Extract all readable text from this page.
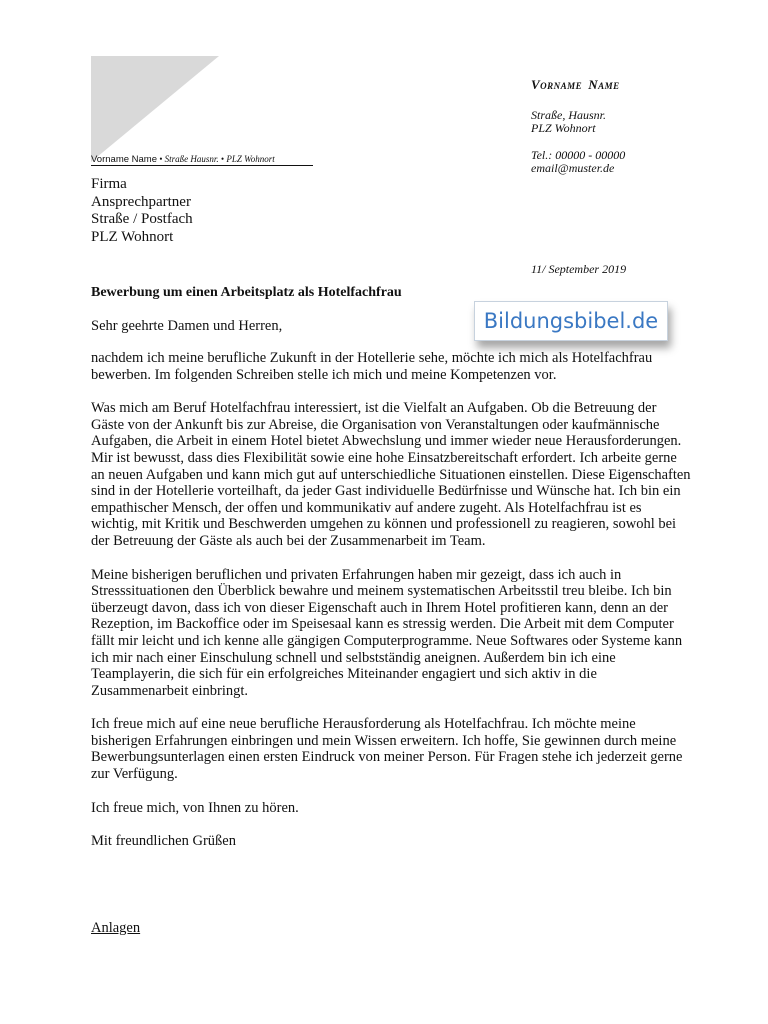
Vorname Name
Straße, Hausnr.
PLZ Wohnort
Tel.: 00000 - 00000
email@muster.de
Vorname Name • Straße Hausnr. • PLZ Wohnort
Firma
Ansprechpartner
Straße / Postfach
PLZ Wohnort
11/ September 2019
Bewerbung um einen Arbeitsplatz als Hotelfachfrau
Bildungsbibel.de
Sehr geehrte Damen und Herren,

nachdem ich meine berufliche Zukunft in der Hotellerie sehe, möchte ich mich als Hotelfachfrau bewerben. Im folgenden Schreiben stelle ich mich und meine Kompetenzen vor.

Was mich am Beruf Hotelfachfrau interessiert, ist die Vielfalt an Aufgaben. Ob die Betreuung der Gäste von der Ankunft bis zur Abreise, die Organisation von Veranstaltungen oder kaufmännische Aufgaben, die Arbeit in einem Hotel bietet Abwechslung und immer wieder neue Herausforderungen. Mir ist bewusst, dass dies Flexibilität sowie eine hohe Einsatzbereitschaft erfordert. Ich arbeite gerne an neuen Aufgaben und kann mich gut auf unterschiedliche Situationen einstellen. Diese Eigenschaften sind in der Hotellerie vorteilhaft, da jeder Gast individuelle Bedürfnisse und Wünsche hat. Ich bin ein empathischer Mensch, der offen und kommunikativ auf andere zugeht. Als Hotelfachfrau ist es wichtig, mit Kritik und Beschwerden umgehen zu können und professionell zu reagieren, sowohl bei der Betreuung der Gäste als auch bei der Zusammenarbeit im Team.

Meine bisherigen beruflichen und privaten Erfahrungen haben mir gezeigt, dass ich auch in Stresssituationen den Überblick bewahre und meinem systematischen Arbeitsstil treu bleibe. Ich bin überzeugt davon, dass ich von dieser Eigenschaft auch in Ihrem Hotel profitieren kann, denn an der Rezeption, im Backoffice oder im Speisesaal kann es stressig werden. Die Arbeit mit dem Computer fällt mir leicht und ich kenne alle gängigen Computerprogramme. Neue Softwares oder Systeme kann ich mir nach einer Einschulung schnell und selbstständig aneignen. Außerdem bin ich eine Teamplayerin, die sich für ein erfolgreiches Miteinander engagiert und sich aktiv in die Zusammenarbeit einbringt.

Ich freue mich auf eine neue berufliche Herausforderung als Hotelfachfrau. Ich möchte meine bisherigen Erfahrungen einbringen und mein Wissen erweitern. Ich hoffe, Sie gewinnen durch meine Bewerbungsunterlagen einen ersten Eindruck von meiner Person. Für Fragen stehe ich jederzeit gerne zur Verfügung.

Ich freue mich, von Ihnen zu hören.

Mit freundlichen Grüßen

Anlagen
